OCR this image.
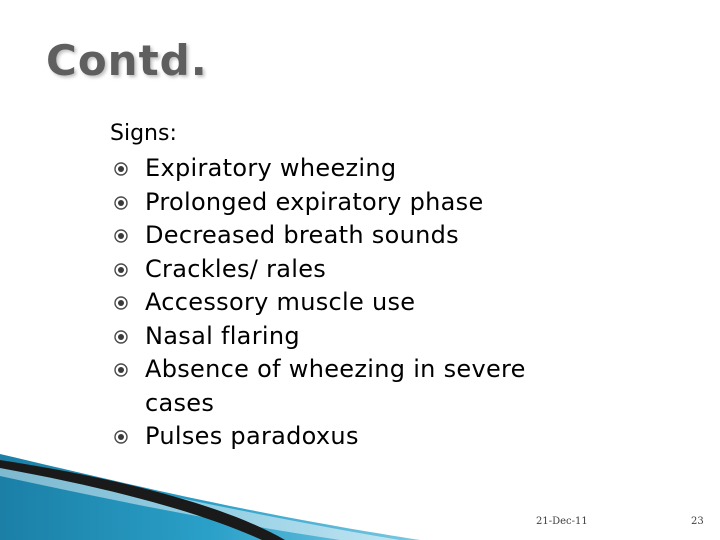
Contd.

Signs:

Expiratory wheezing
Prolonged expiratory phase
Decreased breath sounds
Crackles/ rales
Accessory muscle use
Nasal flaring
Absence of wheezing in severe cases
Pulses paradoxus
21-Dec-11	23
